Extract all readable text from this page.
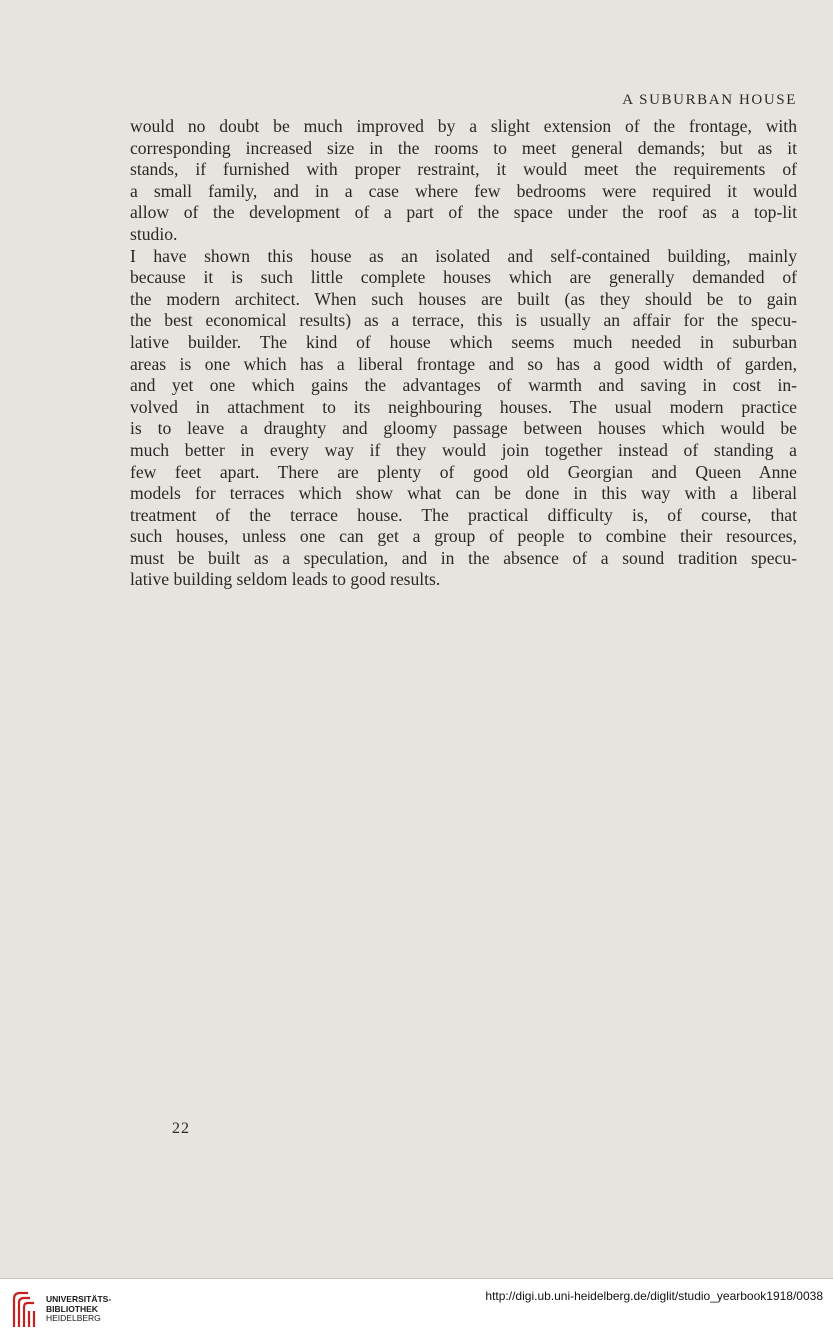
A SUBURBAN HOUSE
would no doubt be much improved by a slight extension of the frontage, with
corresponding increased size in the rooms to meet general demands; but as it
stands, if furnished with proper restraint, it would meet the requirements of
a small family, and in a case where few bedrooms were required it would
allow of the development of a part of the space under the roof as a top-lit
studio.
I have shown this house as an isolated and self-contained building, mainly
because it is such little complete houses which are generally demanded of
the modern architect. When such houses are built (as they should be to gain
the best economical results) as a terrace, this is usually an affair for the specu-
lative builder. The kind of house which seems much needed in suburban
areas is one which has a liberal frontage and so has a good width of garden,
and yet one which gains the advantages of warmth and saving in cost in-
volved in attachment to its neighbouring houses. The usual modern practice
is to leave a draughty and gloomy passage between houses which would be
much better in every way if they would join together instead of standing a
few feet apart. There are plenty of good old Georgian and Queen Anne
models for terraces which show what can be done in this way with a liberal
treatment of the terrace house. The practical difficulty is, of course, that
such houses, unless one can get a group of people to combine their resources,
must be built as a speculation, and in the absence of a sound tradition specu-
lative building seldom leads to good results.
22
UNIVERSITÄTS-
BIBLIOTHEK
HEIDELBERG
http://digi.ub.uni-heidelberg.de/diglit/studio_yearbook1918/0038
